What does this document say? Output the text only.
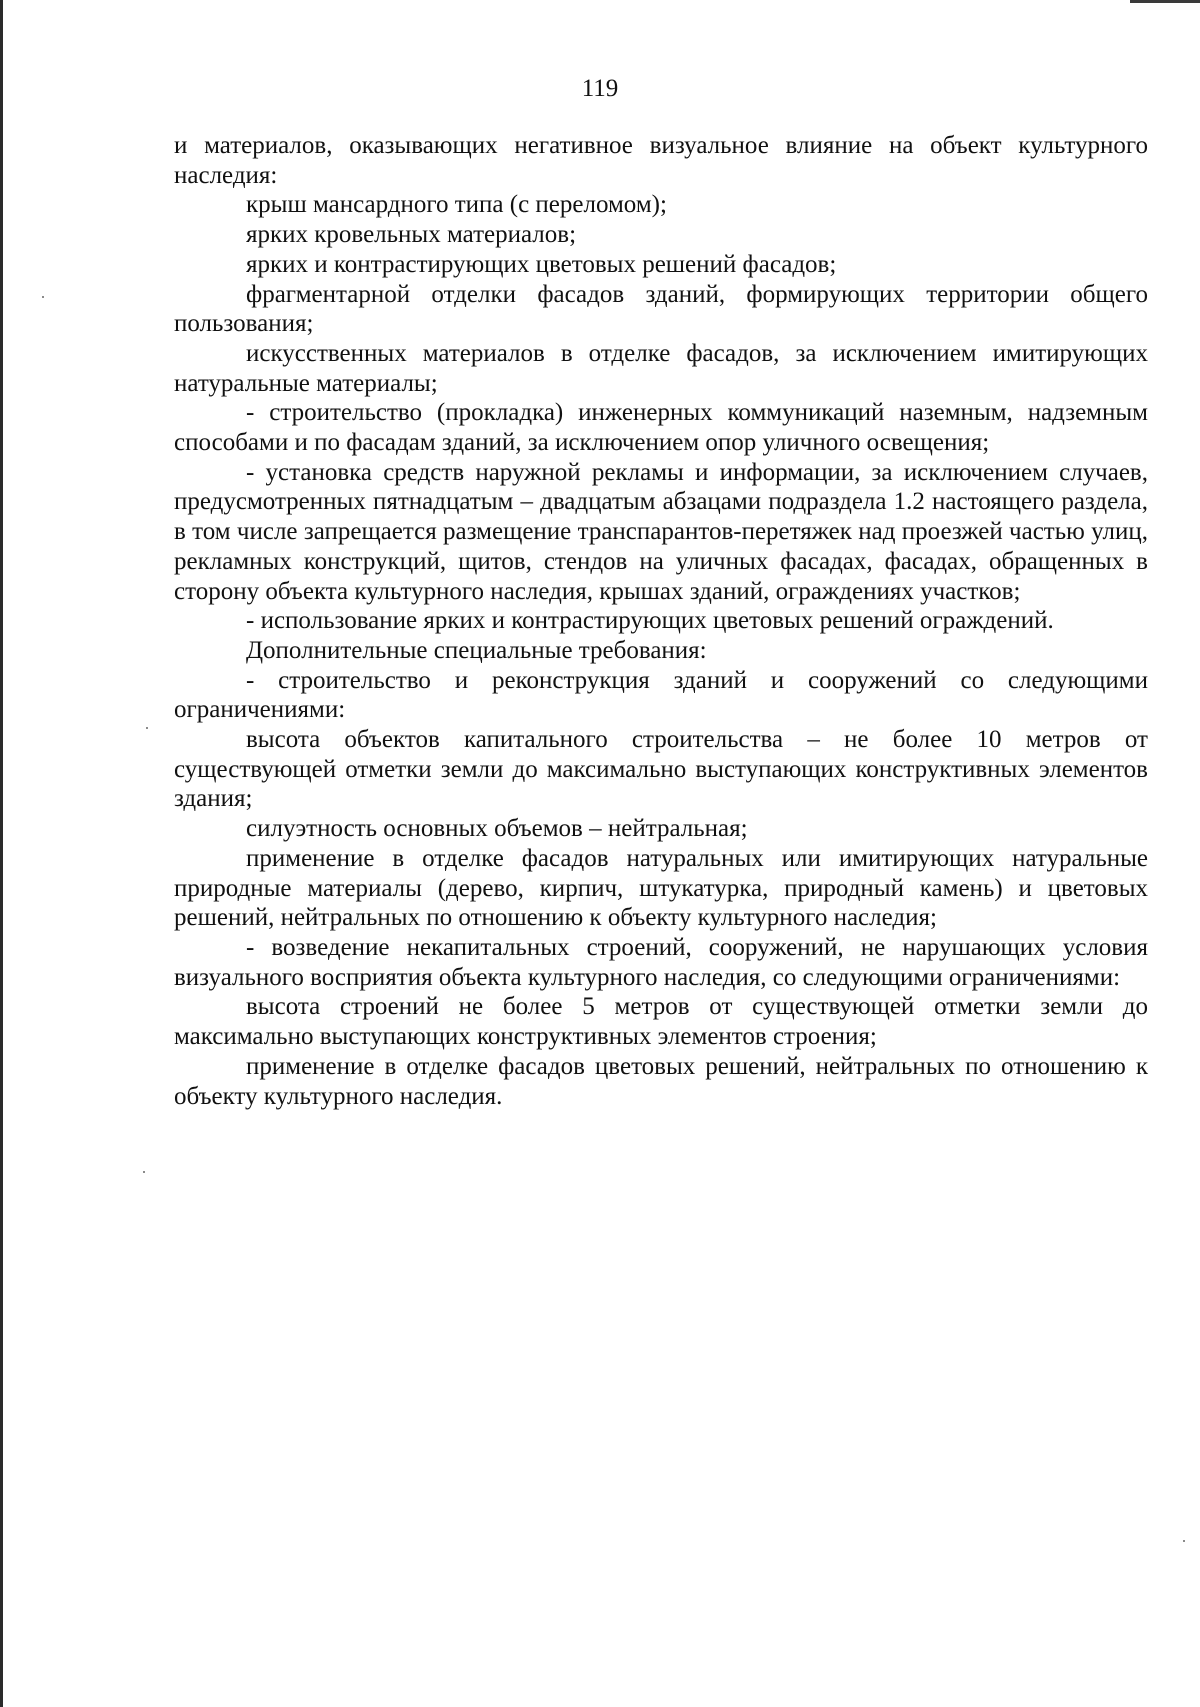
119

и материалов, оказывающих негативное визуальное влияние на объект культурного наследия:

крыш мансардного типа (с переломом);

ярких кровельных материалов;

ярких и контрастирующих цветовых решений фасадов;

фрагментарной отделки фасадов зданий, формирующих территории общего пользования;

искусственных материалов в отделке фасадов, за исключением имитирующих натуральные материалы;

- строительство (прокладка) инженерных коммуникаций наземным, надземным способами и по фасадам зданий, за исключением опор уличного освещения;

- установка средств наружной рекламы и информации, за исключением случаев, предусмотренных пятнадцатым – двадцатым абзацами подраздела 1.2 настоящего раздела, в том числе запрещается размещение транспарантов-перетяжек над проезжей частью улиц, рекламных конструкций, щитов, стендов на уличных фасадах, фасадах, обращенных в сторону объекта культурного наследия, крышах зданий, ограждениях участков;

- использование ярких и контрастирующих цветовых решений ограждений.

Дополнительные специальные требования:

- строительство и реконструкция зданий и сооружений со следующими ограничениями:

высота объектов капитального строительства – не более 10 метров от существующей отметки земли до максимально выступающих конструктивных элементов здания;

силуэтность основных объемов – нейтральная;

применение в отделке фасадов натуральных или имитирующих натуральные природные материалы (дерево, кирпич, штукатурка, природный камень) и цветовых решений, нейтральных по отношению к объекту культурного наследия;

- возведение некапитальных строений, сооружений, не нарушающих условия визуального восприятия объекта культурного наследия, со следующими ограничениями:

высота строений не более 5 метров от существующей отметки земли до максимально выступающих конструктивных элементов строения;

применение в отделке фасадов цветовых решений, нейтральных по отношению к объекту культурного наследия.
